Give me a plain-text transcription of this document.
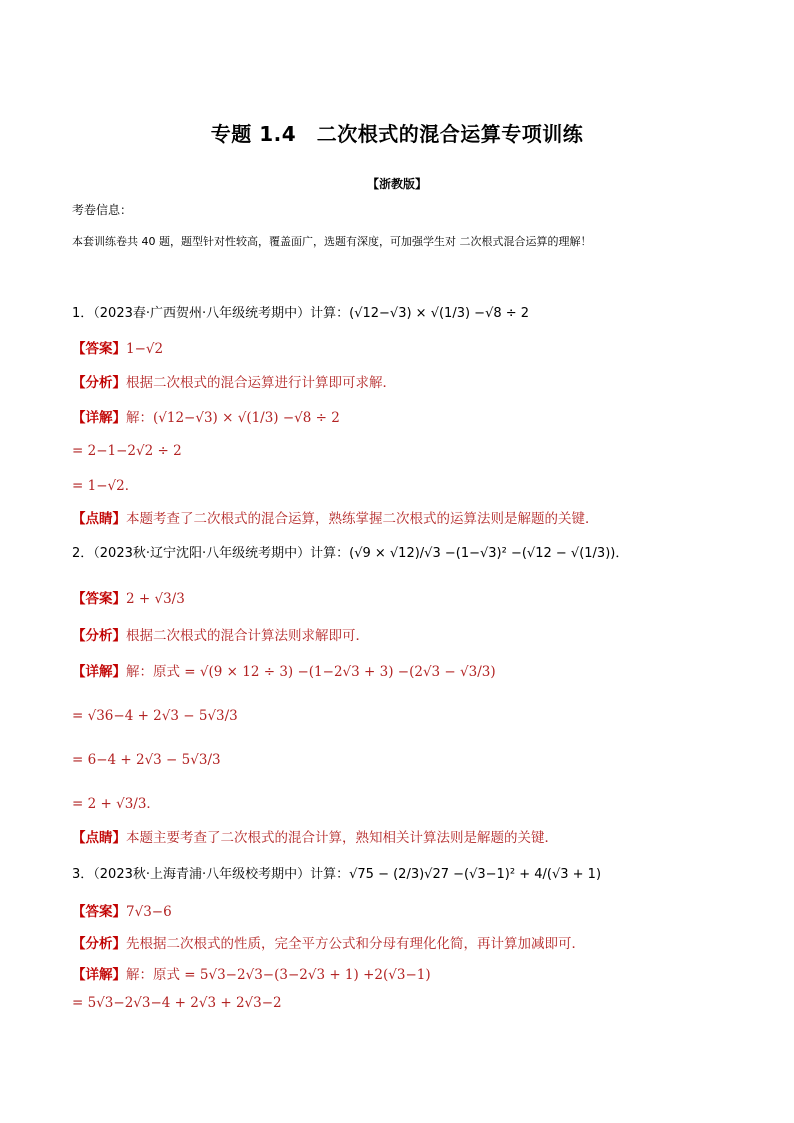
专题 1.4　二次根式的混合运算专项训练
【浙教版】
考卷信息：
本套训练卷共 40 题，题型针对性较高，覆盖面广，选题有深度，可加强学生对 二次根式混合运算的理解！
1．（2023春·广西贺州·八年级统考期中）计算：(√12−√3) × √(1/3) −√8 ÷ 2
【答案】1−√2
【分析】根据二次根式的混合运算进行计算即可求解．
【详解】解：(√12−√3) × √(1/3) −√8 ÷ 2
= 2−1−2√2 ÷ 2
= 1−√2．
【点睛】本题考查了二次根式的混合运算，熟练掌握二次根式的运算法则是解题的关键．
2．（2023秋·辽宁沈阳·八年级统考期中）计算：(√9 × √12)/√3 −(1−√3)² −(√12 − √(1/3))．
【答案】2 + √3/3
【分析】根据二次根式的混合计算法则求解即可．
【详解】解：原式 = √(9 × 12 ÷ 3) −(1−2√3 + 3) −(2√3 − √3/3)
= √36−4 + 2√3 − 5√3/3
= 6−4 + 2√3 − 5√3/3
= 2 + √3/3．
【点睛】本题主要考查了二次根式的混合计算，熟知相关计算法则是解题的关键．
3．（2023秋·上海青浦·八年级校考期中）计算：√75 − (2/3)√27 −(√3−1)² + 4/(√3 + 1)
【答案】7√3−6
【分析】先根据二次根式的性质，完全平方公式和分母有理化化简，再计算加减即可．
【详解】解：原式 = 5√3−2√3−(3−2√3 + 1) +2(√3−1)
= 5√3−2√3−4 + 2√3 + 2√3−2
